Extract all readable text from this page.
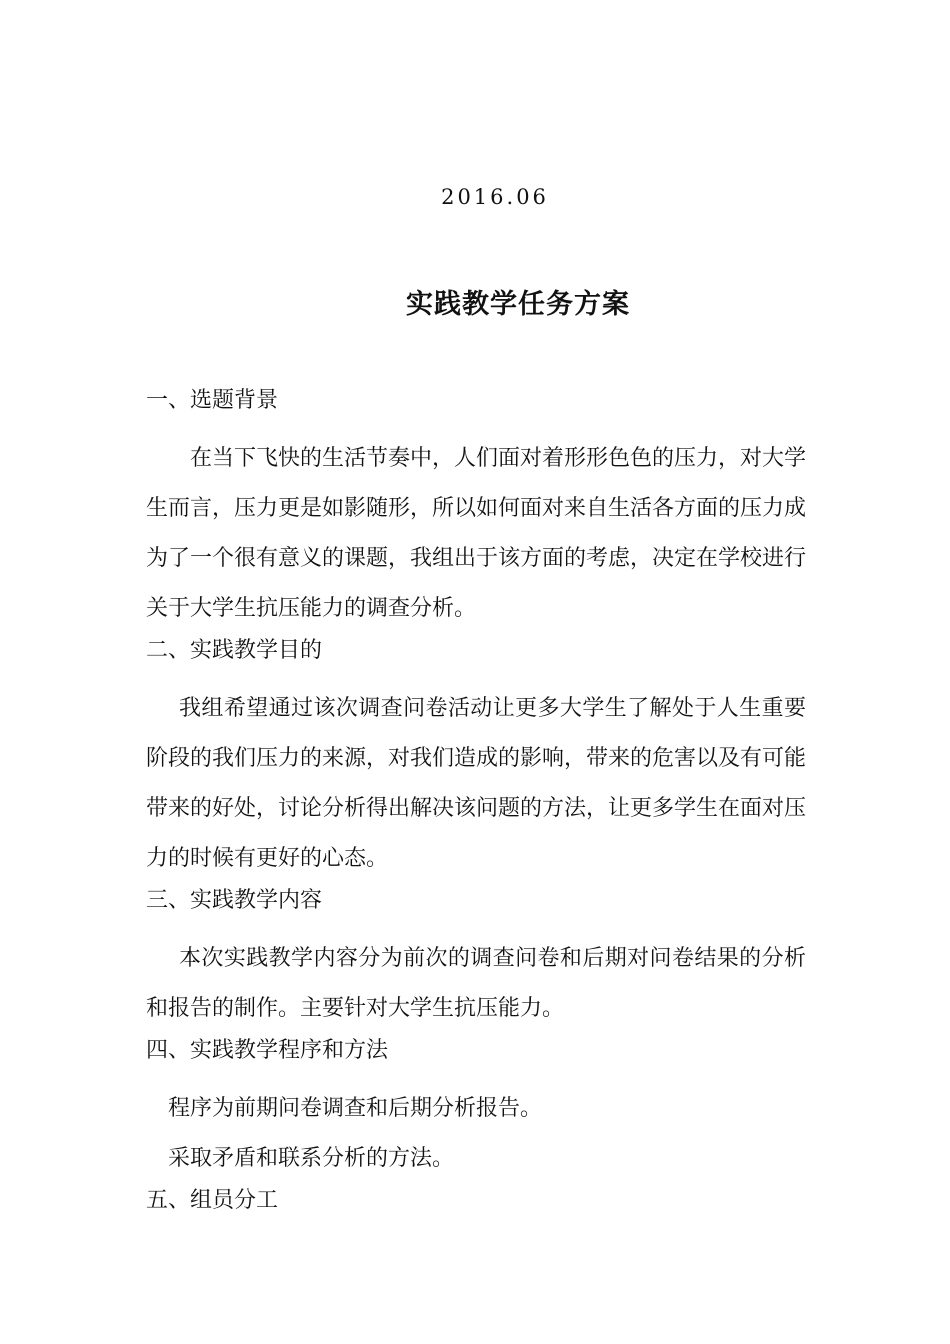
2016.06
实践教学任务方案
一、选题背景
在当下飞快的生活节奏中，人们面对着形形色色的压力，对大学生而言，压力更是如影随形，所以如何面对来自生活各方面的压力成为了一个很有意义的课题，我组出于该方面的考虑，决定在学校进行关于大学生抗压能力的调查分析。
二、实践教学目的
我组希望通过该次调查问卷活动让更多大学生了解处于人生重要阶段的我们压力的来源，对我们造成的影响，带来的危害以及有可能带来的好处，讨论分析得出解决该问题的方法，让更多学生在面对压力的时候有更好的心态。
三、实践教学内容
本次实践教学内容分为前次的调查问卷和后期对问卷结果的分析和报告的制作。主要针对大学生抗压能力。
四、实践教学程序和方法
程序为前期问卷调查和后期分析报告。
采取矛盾和联系分析的方法。
五、组员分工
